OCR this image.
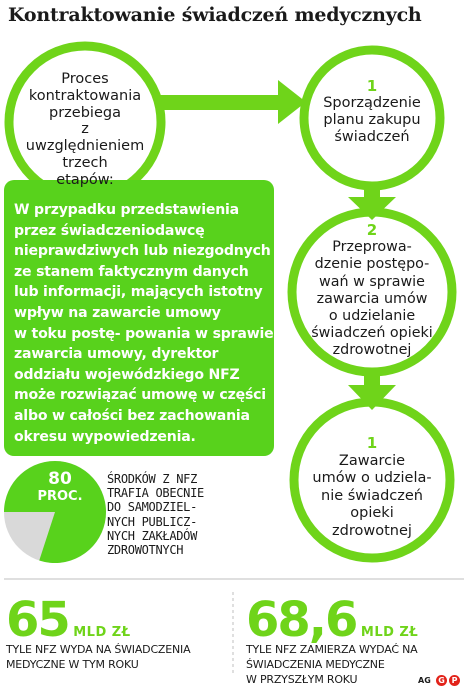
Kontraktowanie świadczeń medycznych
Proces
kontraktowania
przebiega
z uwzględnieniem
trzech
etapów:
1
Sporządzenie
planu zakupu
świadczeń
2
Przeprowa-
dzenie postępo-
wań w sprawie
zawarcia umów
o udzielanie
świadczeń opieki
zdrowotnej
1
Zawarcie
umów o udziela-
nie świadczeń
opieki
zdrowotnej
W przypadku przedstawienia
przez świadczeniodawcę
nieprawdziwych lub niezgodnych
ze stanem faktycznym danych
lub informacji, mających istotny
wpływ na zawarcie umowy
w toku postę- powania w sprawie
zawarcia umowy, dyrektor
oddziału wojewódzkiego NFZ
może rozwiązać umowę w części
albo w całości bez zachowania
okresu wypowiedzenia.
80
PROC.
ŚRODKÓW Z NFZ
TRAFIA OBECNIE
DO SAMODZIEL-
NYCH PUBLICZ-
NYCH ZAKŁADÓW
ZDROWOTNYCH
65 MLD ZŁ
TYLE NFZ WYDA NA ŚWIADCZENIA
MEDYCZNE W TYM ROKU
68,6 MLD ZŁ
TYLE NFZ ZAMIERZA WYDAĆ NA
ŚWIADCZENIA MEDYCZNE
W PRZYSZŁYM ROKU	AG G P
